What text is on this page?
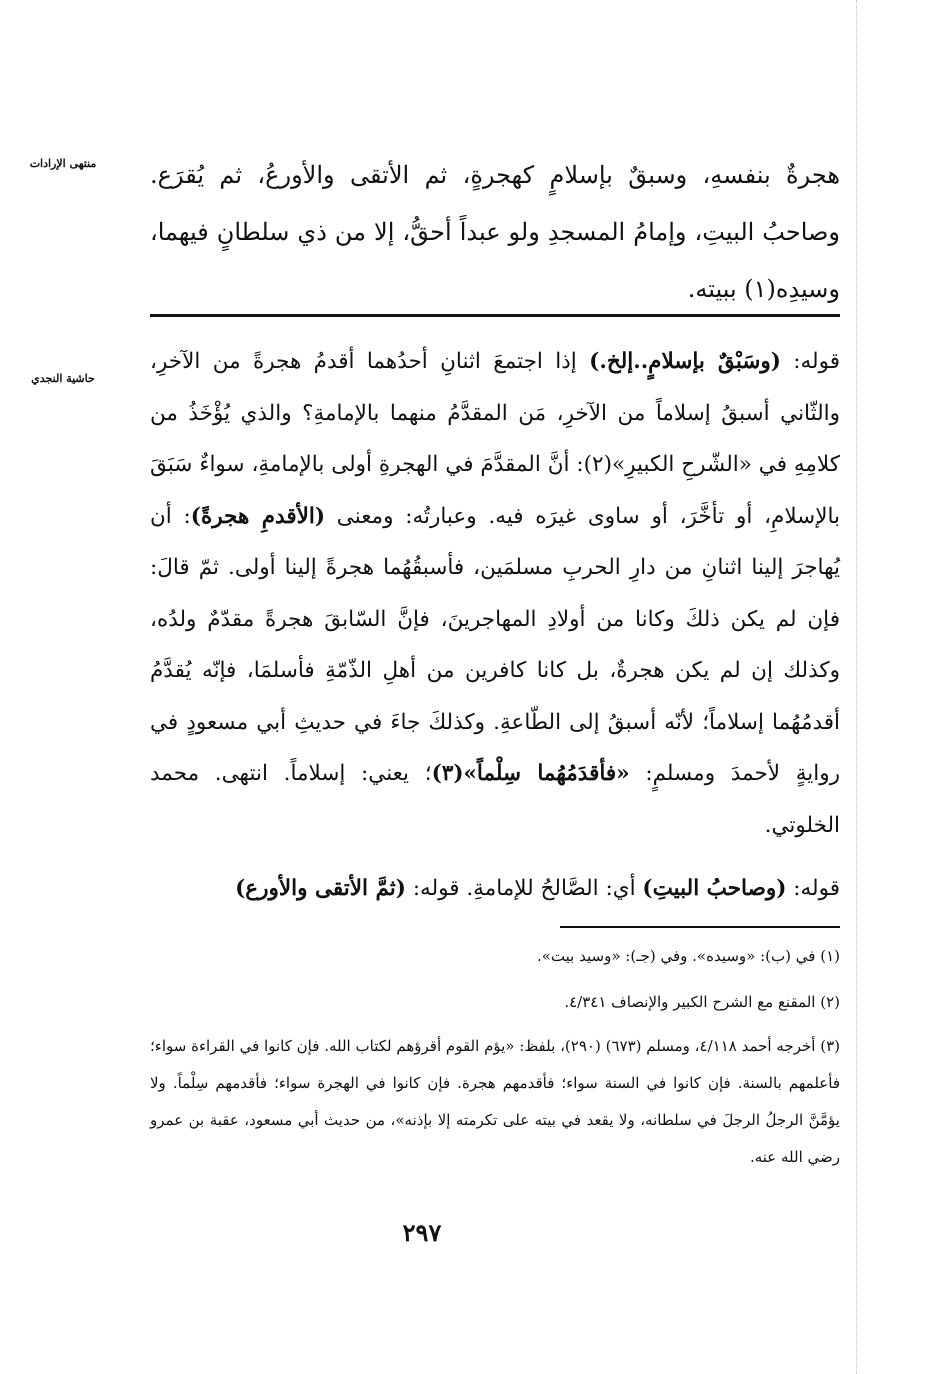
منتهى الإرادات
حاشية النجدي
هجرةٌ بنفسهِ، وسبقٌ بإسلامٍ كهجرةٍ، ثم الأتقى والأورعُ، ثم يُقرَع. وصاحبُ البيتِ، وإمامُ المسجدِ ولو عبداً أحقُّ، إلا من ذي سلطانٍ فيهما، وسيدِه(١) ببيته.
قوله: (وسَبْقٌ بإسلامٍ..إلخ.) إذا اجتمعَ اثنانِ أحدُهما أقدمُ هجرةً من الآخرِ، والثّاني أسبقُ إسلاماً من الآخرِ، مَن المقدَّمُ منهما بالإمامةِ؟ والذي يُؤْخَذُ من كلامِهِ في «الشّرحِ الكبيرِ»(٢): أنَّ المقدَّمَ في الهجرةِ أولى بالإمامةِ، سواءٌ سَبَقَ بالإسلامِ، أو تأخَّرَ، أو ساوى غيرَه فيه. وعبارتُه: ومعنى (الأقدمِ هجرةً): أن يُهاجرَ إلينا اثنانِ من دارِ الحربِ مسلمَين، فأسبقُهُما هجرةً إلينا أولى. ثمّ قالَ: فإن لم يكن ذلكَ وكانا من أولادِ المهاجرينَ، فإنَّ السّابقَ هجرةً مقدّمٌ ولدُه، وكذلك إن لم يكن هجرةٌ، بل كانا كافرين من أهلِ الذّمّةِ فأسلمَا، فإنّه يُقدَّمُ أقدمُهُما إسلاماً؛ لأنّه أسبقُ إلى الطّاعةِ. وكذلكَ جاءَ في حديثِ أبي مسعودٍ في روايةٍ لأحمدَ ومسلمٍ: «فأقدَمُهُما سِلْماً»(٣)؛ يعني: إسلاماً. انتهى. محمد الخلوتي.
قوله: (وصاحبُ البيتِ) أي: الصَّالحُ للإمامةِ. قوله: (ثمَّ الأتقى والأورع)

(١) في (ب): «وسيده». وفي (جـ): «وسيد بيت».

(٢) المقنع مع الشرح الكبير والإنصاف ٤/٣٤١.

(٣) أخرجه أحمد ٤/١١٨، ومسلم (٦٧٣) (٢٩٠)، بلفظ: «يؤم القوم أقرؤهم لكتاب الله. فإن كانوا في القراءة سواء؛ فأعلمهم بالسنة. فإن كانوا في السنة سواء؛ فأقدمهم هجرة. فإن كانوا في الهجرة سواء؛ فأقدمهم سِلْماً. ولا يؤمَّنَّ الرجلُ الرجلَ في سلطانه، ولا يقعد في بيته على تكرمته إلا بإذنه»، من حديث أبي مسعود، عقبة بن عمرو رضي الله عنه.

٢٩٧
